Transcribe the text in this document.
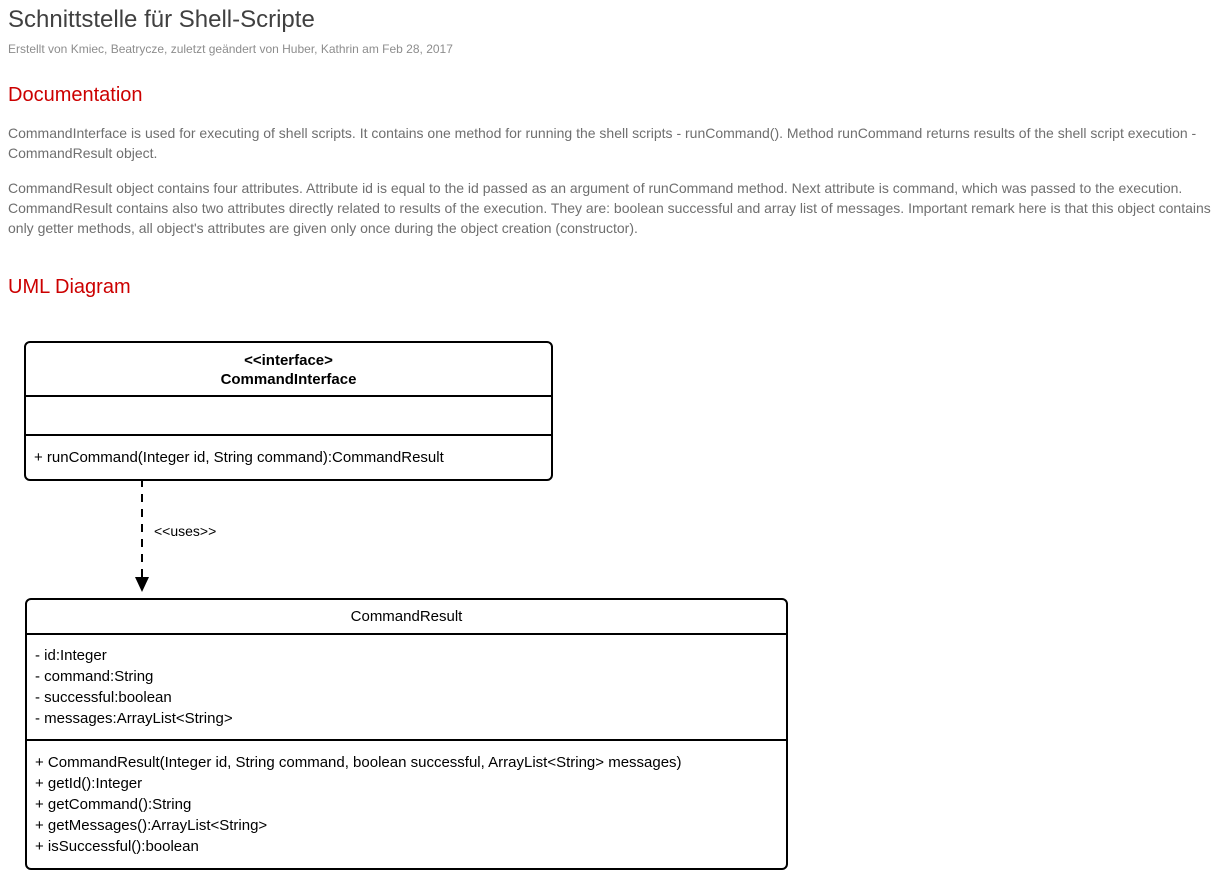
Schnittstelle für Shell-Scripte
Erstellt von Kmiec, Beatrycze, zuletzt geändert von Huber, Kathrin am Feb 28, 2017
Documentation

CommandInterface is used for executing of shell scripts. It contains one method for running the shell scripts - runCommand(). Method runCommand returns results of the shell script execution - CommandResult object.

CommandResult object contains four attributes. Attribute id is equal to the id passed as an argument of runCommand method. Next attribute is command, which was passed to the execution. CommandResult contains also two attributes directly related to results of the execution. They are: boolean successful and array list of messages. Important remark here is that this object contains only getter methods, all object's attributes are given only once during the object creation (constructor).

UML Diagram
<<interface>
CommandInterface
+ runCommand(Integer id, String command):CommandResult
<<uses>>
CommandResult
- id:Integer
- command:String
- successful:boolean
- messages:ArrayList<String>
+ CommandResult(Integer id, String command, boolean successful, ArrayList<String> messages)
+ getId():Integer
+ getCommand():String
+ getMessages():ArrayList<String>
+ isSuccessful():boolean
